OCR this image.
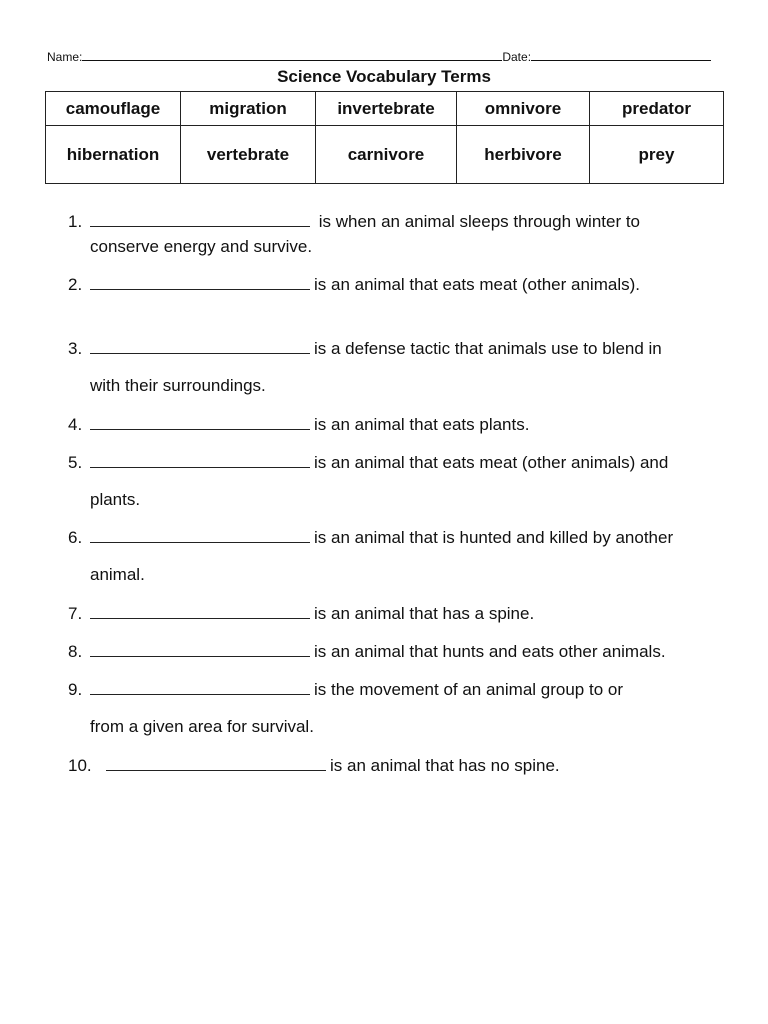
Name:	Date:
Science Vocabulary Terms
camouflage	migration	invertebrate	omnivore	predator
hibernation	vertebrate	carnivore	herbivore	prey
1.	is when an animal sleeps through winter to
conserve energy and survive.
2.	is an animal that eats meat (other animals).
3.	is a defense tactic that animals use to blend in
with their surroundings.
4.	is an animal that eats plants.
5.	is an animal that eats meat (other animals) and
plants.
6.	is an animal that is hunted and killed by another
animal.
7.	is an animal that has a spine.
8.	is an animal that hunts and eats other animals.
9.	is the movement of an animal group to or
from a given area for survival.
10.	is an animal that has no spine.
